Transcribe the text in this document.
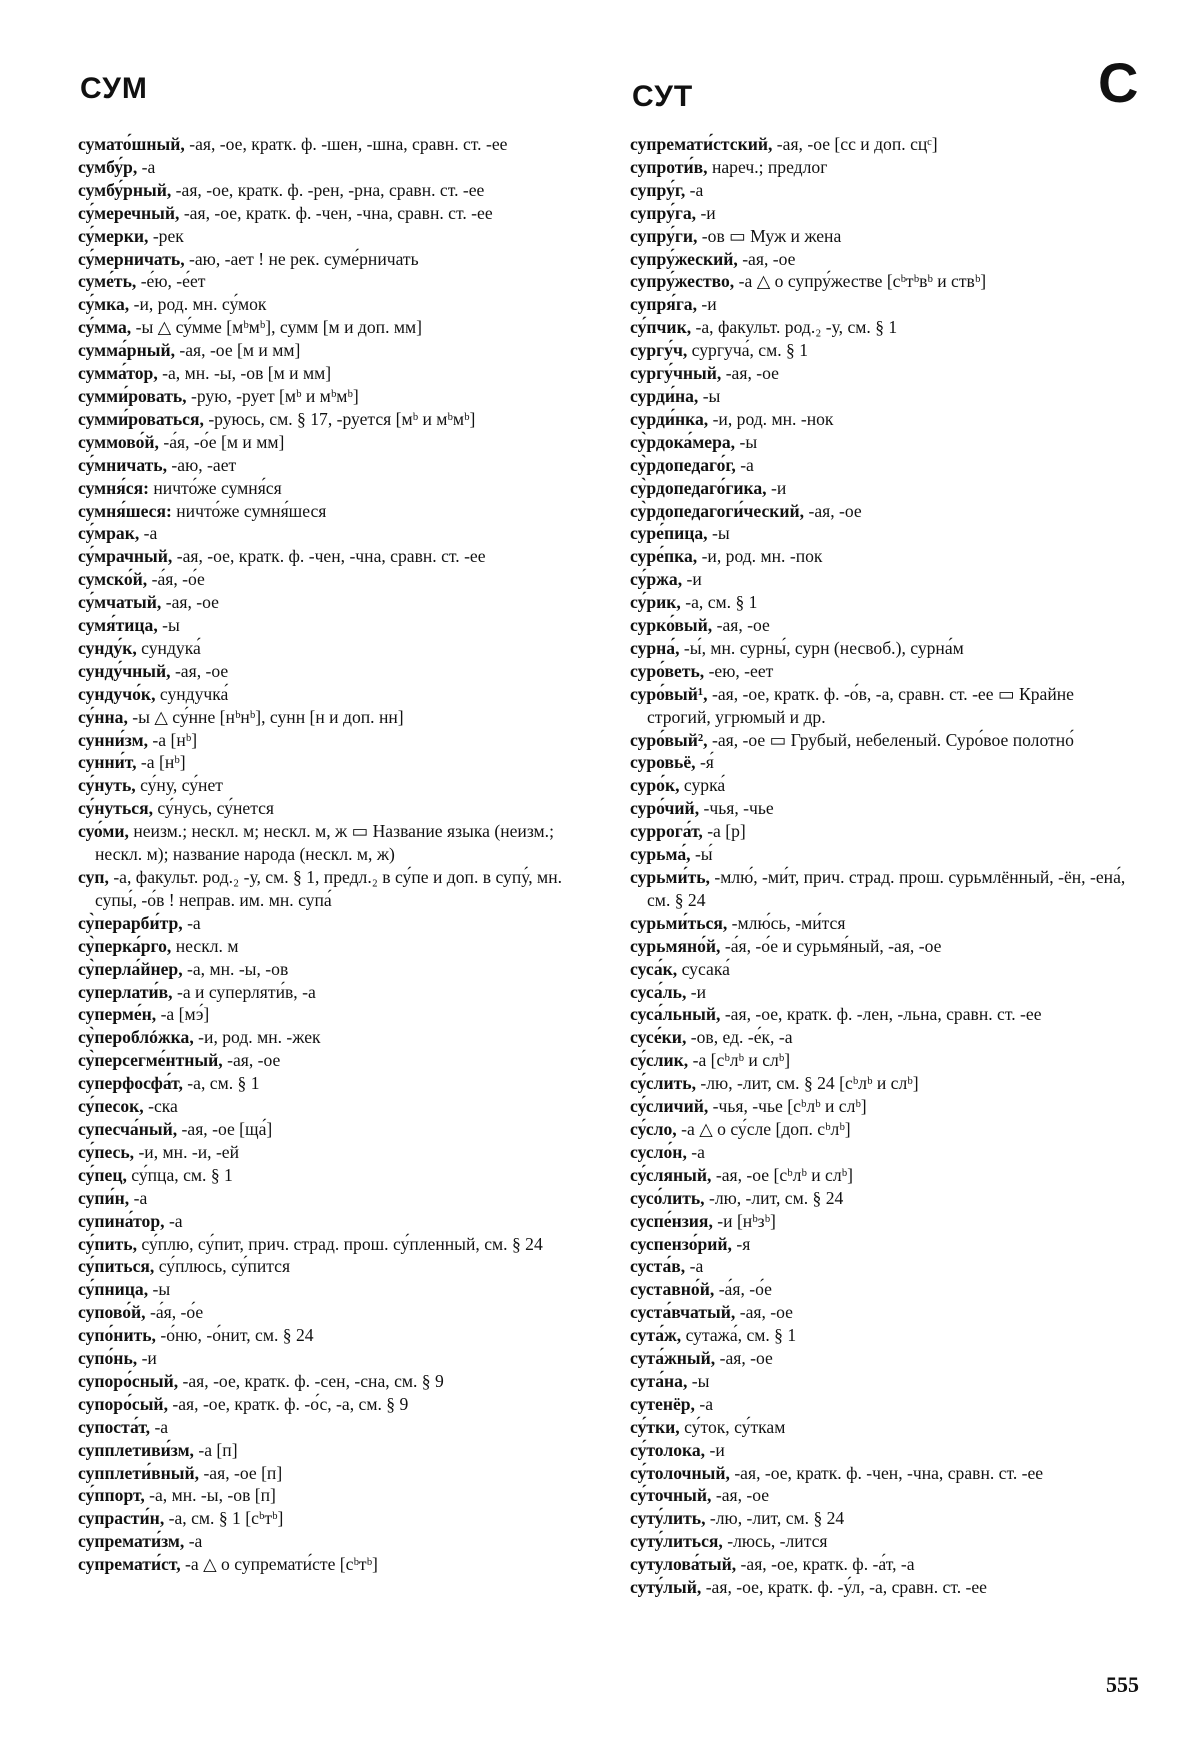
СУМ	СУТ	С
сумато́шный, -ая, -ое, кратк. ф. -шен, -шна, сравн. ст. -ее
сумбу́р, -а
сумбу́рный, -ая, -ое, кратк. ф. -рен, -рна, сравн. ст. -ее
су́меречный, -ая, -ое, кратк. ф. -чен, -чна, сравн. ст. -ее
су́мерки, -рек
су́мерничать, -аю, -ает ! не рек. суме́рничать
суме́ть, -е́ю, -е́ет
су́мка, -и, род. мн. су́мок
су́мма, -ы △ су́мме [мᵇмᵇ], сумм [м и доп. мм]
сумма́рный, -ая, -ое [м и мм]
сумма́тор, -а, мн. -ы, -ов [м и мм]
сумми́ровать, -рую, -рует [мᵇ и мᵇмᵇ]
сумми́роваться, -руюсь, см. § 17, -руется [мᵇ и мᵇмᵇ]
суммово́й, -а́я, -о́е [м и мм]
су́мничать, -аю, -ает
сумня́ся: ничто́же сумня́ся
сумня́шеся: ничто́же сумня́шеся
су́мрак, -а
су́мрачный, -ая, -ое, кратк. ф. -чен, -чна, сравн. ст. -ее
сумско́й, -а́я, -о́е
су́мчатый, -ая, -ое
сумя́тица, -ы
сунду́к, сундука́
сунду́чный, -ая, -ое
сундучо́к, сундучка́
су́нна, -ы △ су́нне [нᵇнᵇ], сунн [н и доп. нн]
сунни́зм, -а [нᵇ]
сунни́т, -а [нᵇ]
су́нуть, су́ну, су́нет
су́нуться, су́нусь, су́нется
суо́ми, неизм.; нескл. м; нескл. м, ж ▭ Название языка (неизм.; нескл. м); название народа (нескл. м, ж)
суп, -а, факульт. род.₂ -у, см. § 1, предл.₂ в су́пе и доп. в супу́, мн. супы́, -о́в ! неправ. им. мн. супа́
су̀перарби́тр, -а
су̀перка́рго, нескл. м
су̀перла́йнер, -а, мн. -ы, -ов
суперлати́в, -а и суперляти́в, -а
суперме́н, -а [мэ́]
су̀пероблóжка, -и, род. мн. -жек
су̀персегме́нтный, -ая, -ое
суперфосфа́т, -а, см. § 1
су́песок, -ска
супесча́ный, -ая, -ое [ща́]
су́песь, -и, мн. -и, -ей
су́пец, су́пца, см. § 1
супи́н, -а
супина́тор, -а
су́пить, су́плю, су́пит, прич. страд. прош. су́пленный, см. § 24
су́питься, су́плюсь, су́пится
су́пница, -ы
супово́й, -а́я, -о́е
супо́нить, -о́ню, -о́нит, см. § 24
супо́нь, -и
супоро́сный, -ая, -ое, кратк. ф. -сен, -сна, см. § 9
супоро́сый, -ая, -ое, кратк. ф. -о́с, -а, см. § 9
супоста́т, -а
супплетиви́зм, -а [п]
супплети́вный, -ая, -ое [п]
су́ппорт, -а, мн. -ы, -ов [п]
супрасти́н, -а, см. § 1 [сᵇтᵇ]
супремати́зм, -а
супремати́ст, -а △ о супремати́сте [сᵇтᵇ]
супремати́стский, -ая, -ое [сс и доп. сцᶜ]
супроти́в, нареч.; предлог
супру́г, -а
супру́га, -и
супру́ги, -ов ▭ Муж и жена
супру́жеский, -ая, -ое
супру́жество, -а △ о супру́жестве [сᵇтᵇвᵇ и ствᵇ]
супря́га, -и
су́пчик, -а, факульт. род.₂ -у, см. § 1
сургу́ч, сургуча́, см. § 1
сургу́чный, -ая, -ое
сурди́на, -ы
сурди́нка, -и, род. мн. -нок
су̀рдока́мера, -ы
су̀рдопедаго́г, -а
су̀рдопедаго́гика, -и
су̀рдопедагоги́ческий, -ая, -ое
суре́пица, -ы
суре́пка, -и, род. мн. -пок
су́ржа, -и
су́рик, -а, см. § 1
сурко́вый, -ая, -ое
сурна́, -ы́, мн. сурны́, сурн (несвоб.), сурна́м
суро́веть, -ею, -еет
суро́вый¹, -ая, -ое, кратк. ф. -о́в, -а, сравн. ст. -ее ▭ Крайне строгий, угрюмый и др.
суро́вый², -ая, -ое ▭ Грубый, небеленый. Суро́вое полотно́
суровьё, -я́
суро́к, сурка́
суро́чий, -чья, -чье
суррога́т, -а [р]
сурьма́, -ы́
сурьми́ть, -млю́, -ми́т, прич. страд. прош. сурьмлённый, -ён, -ена́, см. § 24
сурьми́ться, -млю́сь, -ми́тся
сурьмяно́й, -а́я, -о́е и сурьмя́ный, -ая, -ое
суса́к, сусака́
суса́ль, -и
суса́льный, -ая, -ое, кратк. ф. -лен, -льна, сравн. ст. -ее
сусе́ки, -ов, ед. -е́к, -а
су́слик, -а [сᵇлᵇ и слᵇ]
су́слить, -лю, -лит, см. § 24 [сᵇлᵇ и слᵇ]
су́сличий, -чья, -чье [сᵇлᵇ и слᵇ]
су́сло, -а △ о су́сле [доп. сᵇлᵇ]
сусло́н, -а
су́сляный, -ая, -ое [сᵇлᵇ и слᵇ]
сусо́лить, -лю, -лит, см. § 24
суспе́нзия, -и [нᵇзᵇ]
суспензо́рий, -я
суста́в, -а
суставно́й, -а́я, -о́е
суста́вчатый, -ая, -ое
сута́ж, сутажа́, см. § 1
сута́жный, -ая, -ое
сута́на, -ы
сутенёр, -а
су́тки, су́ток, су́ткам
су́толока, -и
су́толочный, -ая, -ое, кратк. ф. -чен, -чна, сравн. ст. -ее
су́точный, -ая, -ое
суту́лить, -лю, -лит, см. § 24
суту́литься, -люсь, -лится
сутулова́тый, -ая, -ое, кратк. ф. -а́т, -а
суту́лый, -ая, -ое, кратк. ф. -у́л, -а, сравн. ст. -ее
555
